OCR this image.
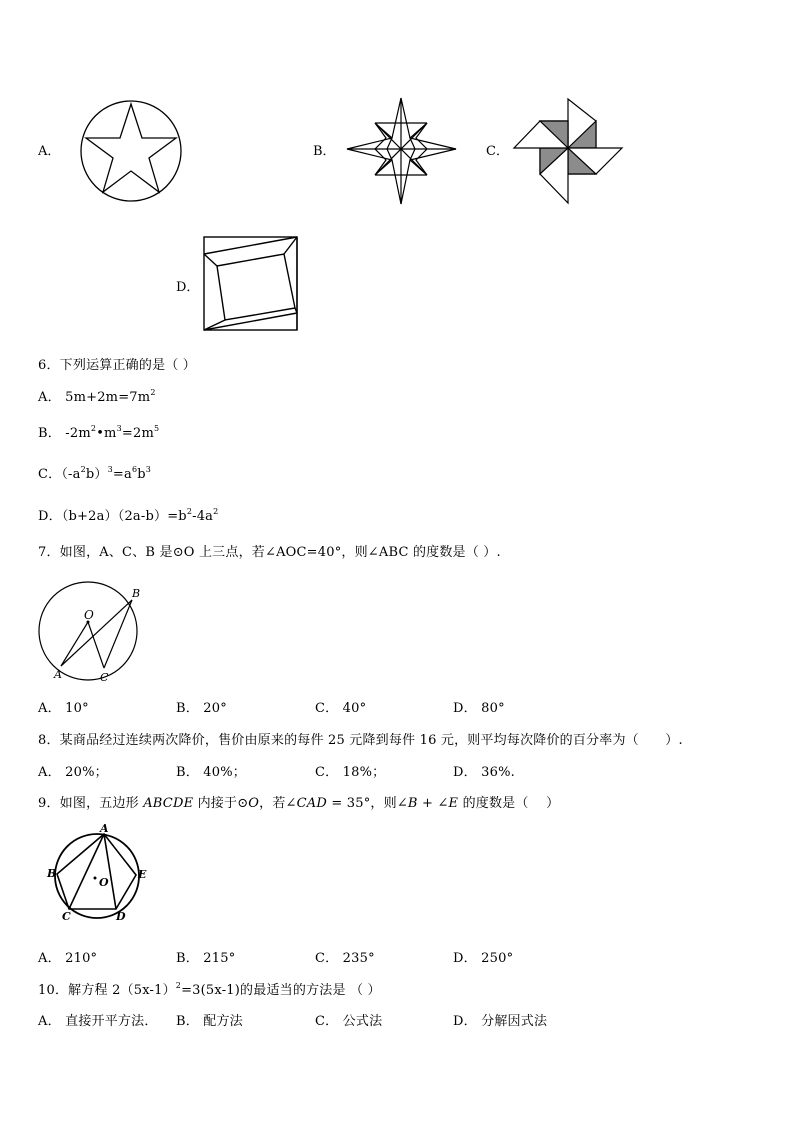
A．	B．	C．
D．
6．下列运算正确的是（ ）
A． $5m+2m=7m^2$
B． $-2m^2•m^3=2m^5$
C．$(-a^2b)^3=a^6b^3$
D．$(b+2a)(2a-b)=b^2-4a^2$
7．如图，A、C、B 是⊙O 上三点，若∠AOC=40°，则∠ABC 的度数是（ ）.
O
A
B
C
A． 10°	B． 20°	C． 40°	D． 80°
8．某商品经过连续两次降价，售价由原来的每件 25 元降到每件 16 元，则平均每次降价的百分率为（　　）.
A． 20%；	B． 40%；	C． 18%；	D． 36%.
9．如图，五边形 ABCDE 内接于⊙O，若∠CAD = 35°，则∠B + ∠E 的度数是（　 ）
A
B
C	D
E
O
A． 210°	B． 215°	C． 235°	D． 250°
10．解方程 $2(5x-1)^2=3(5x-1)$的最适当的方法是 （ ）
A． 直接开平方法． B． 配方法	C． 公式法	D． 分解因式法
